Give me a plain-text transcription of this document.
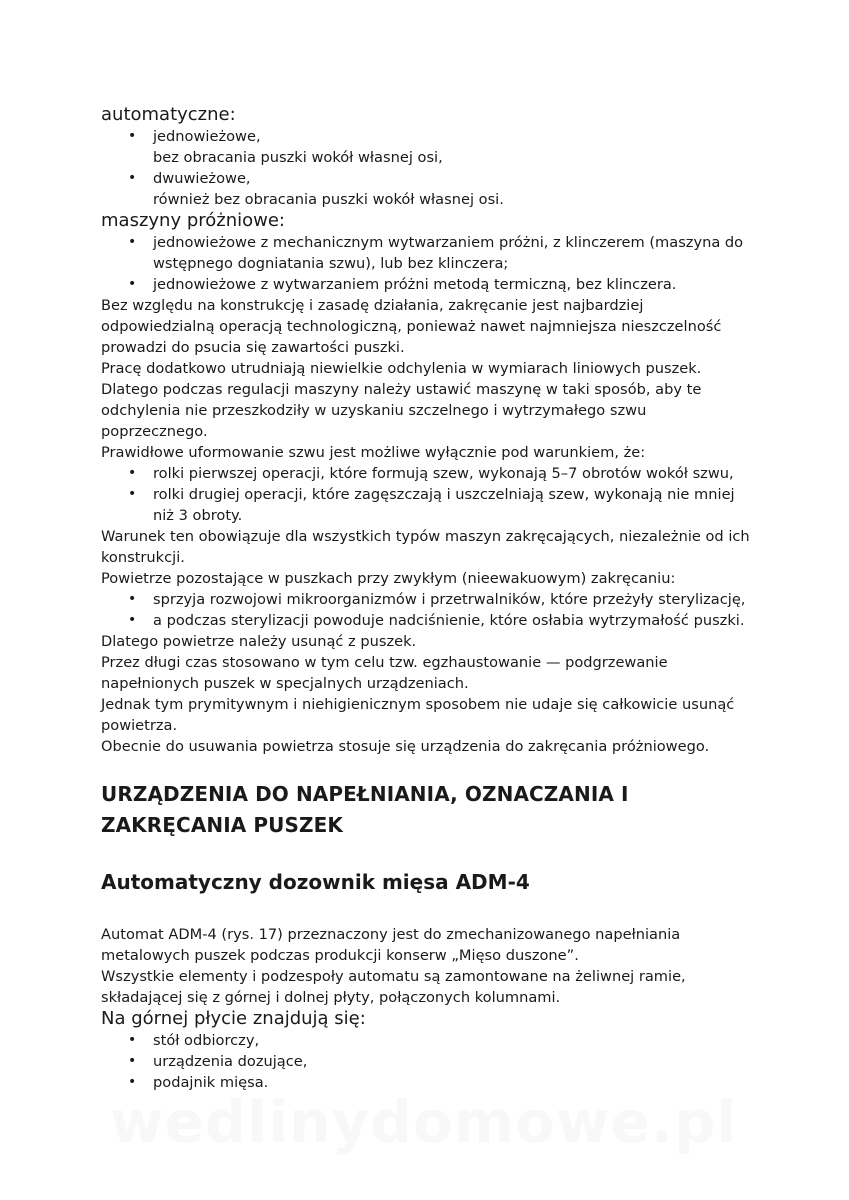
automatyczne:

• jednowieżowe,
bez obracania puszki wokół własnej osi,
• dwuwieżowe,
również bez obracania puszki wokół własnej osi.

maszyny próżniowe:

• jednowieżowe z mechanicznym wytwarzaniem próżni, z klinczerem (maszyna do wstępnego dogniatania szwu), lub bez klinczera;
• jednowieżowe z wytwarzaniem próżni metodą termiczną, bez klinczera.

Bez względu na konstrukcję i zasadę działania, zakręcanie jest najbardziej odpowiedzialną operacją technologiczną, ponieważ nawet najmniejsza nieszczelność prowadzi do psucia się zawartości puszki.

Pracę dodatkowo utrudniają niewielkie odchylenia w wymiarach liniowych puszek.

Dlatego podczas regulacji maszyny należy ustawić maszynę w taki sposób, aby te odchylenia nie przeszkodziły w uzyskaniu szczelnego i wytrzymałego szwu poprzecznego.

Prawidłowe uformowanie szwu jest możliwe wyłącznie pod warunkiem, że:

• rolki pierwszej operacji, które formują szew, wykonają 5–7 obrotów wokół szwu,
• rolki drugiej operacji, które zagęszczają i uszczelniają szew, wykonają nie mniej niż 3 obroty.

Warunek ten obowiązuje dla wszystkich typów maszyn zakręcających, niezależnie od ich konstrukcji.

Powietrze pozostające w puszkach przy zwykłym (nieewakuowym) zakręcaniu:

• sprzyja rozwojowi mikroorganizmów i przetrwalników, które przeżyły sterylizację,
• a podczas sterylizacji powoduje nadciśnienie, które osłabia wytrzymałość puszki.

Dlatego powietrze należy usunąć z puszek.

Przez długi czas stosowano w tym celu tzw. egzhaustowanie — podgrzewanie napełnionych puszek w specjalnych urządzeniach.

Jednak tym prymitywnym i niehigienicznym sposobem nie udaje się całkowicie usunąć powietrza.

Obecnie do usuwania powietrza stosuje się urządzenia do zakręcania próżniowego.

URZĄDZENIA DO NAPEŁNIANIA, OZNACZANIA I ZAKRĘCANIA PUSZEK
Automatyczny dozownik mięsa ADM-4

Automat ADM-4 (rys. 17) przeznaczony jest do zmechanizowanego napełniania metalowych puszek podczas produkcji konserw „Mięso duszone”.

Wszystkie elementy i podzespoły automatu są zamontowane na żeliwnej ramie, składającej się z górnej i dolnej płyty, połączonych kolumnami.

Na górnej płycie znajdują się:

• stół odbiorczy,
• urządzenia dozujące,
• podajnik mięsa.
wedlinydomowe.pl
